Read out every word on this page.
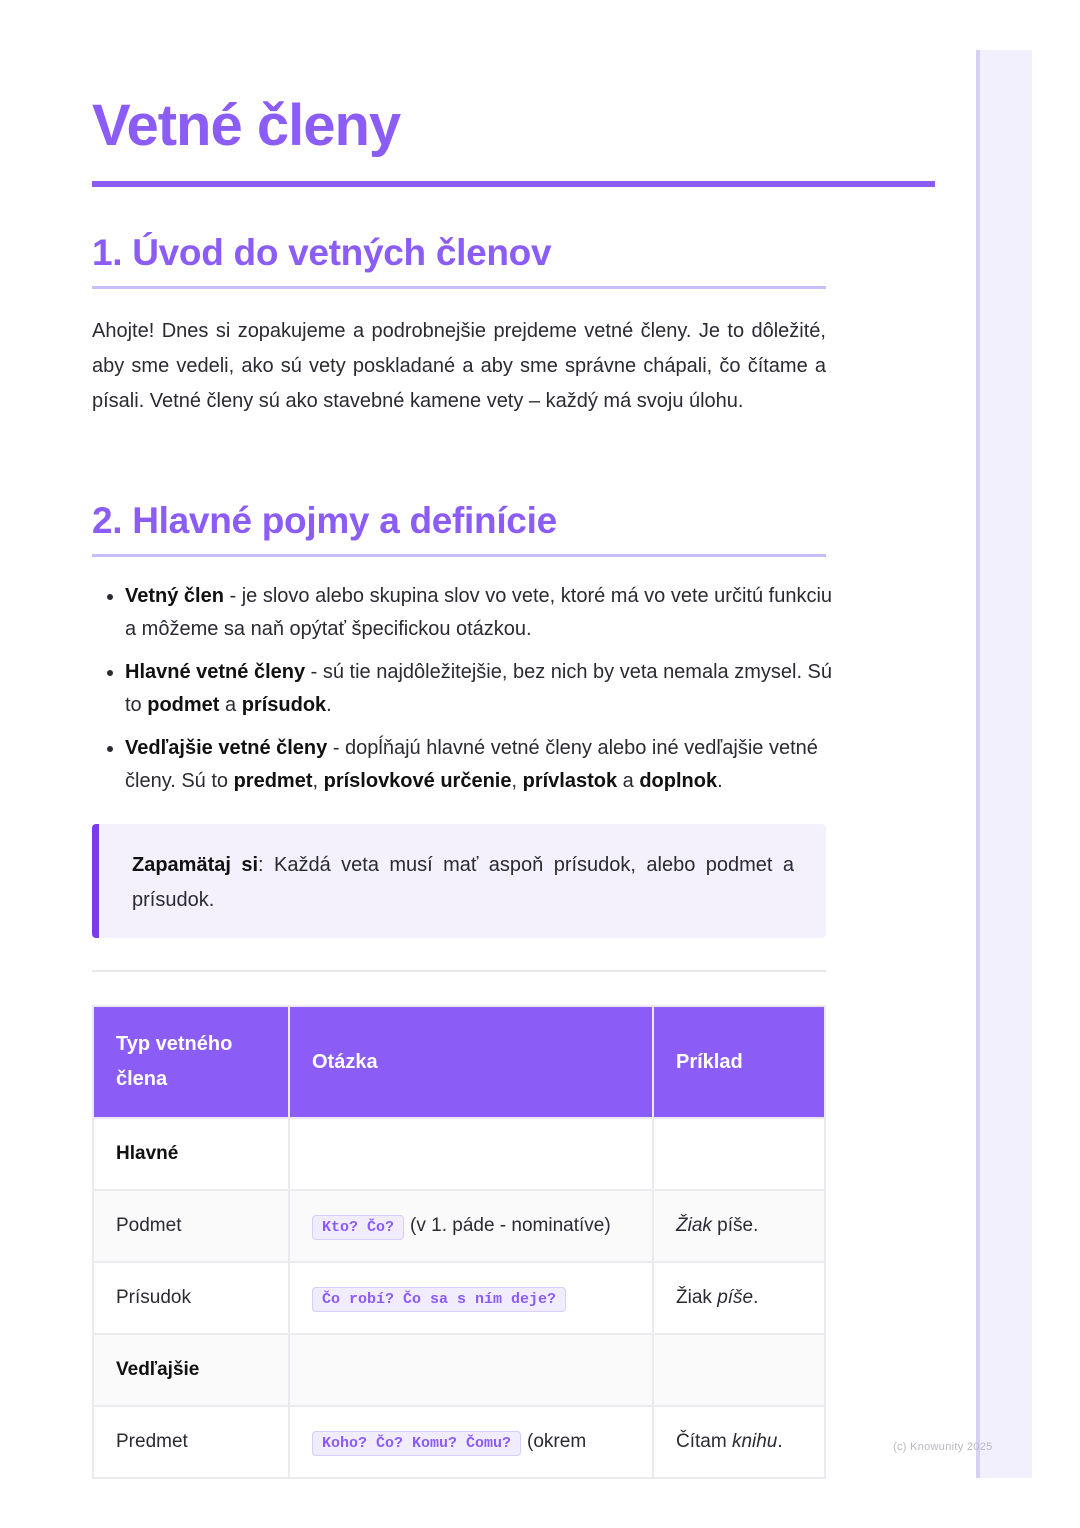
(c) Knowunity 2025
Vetné členy
1. Úvod do vetných členov

Ahojte! Dnes si zopakujeme a podrobnejšie prejdeme vetné členy. Je to dôležité, aby sme vedeli, ako sú vety poskladané a aby sme správne chápali, čo čítame a písali. Vetné členy sú ako stavebné kamene vety – každý má svoju úlohu.

2. Hlavné pojmy a definície
• Vetný člen - je slovo alebo skupina slov vo vete, ktoré má vo vete určitú funkciu a môžeme sa naň opýtať špecifickou otázkou.
• Hlavné vetné členy - sú tie najdôležitejšie, bez nich by veta nemala zmysel. Sú to podmet a prísudok.
• Vedľajšie vetné členy - dopĺňajú hlavné vetné členy alebo iné vedľajšie vetné členy. Sú to predmet, príslovkové určenie, prívlastok a doplnok.
Zapamätaj si: Každá veta musí mať aspoň prísudok, alebo podmet a prísudok.
Typ vetného člena	Otázka	Príklad
Hlavné		
Podmet	Kto? Čo? (v 1. páde - nominatíve)	Žiak píše.
Prísudok	Čo robí? Čo sa s ním deje?	Žiak píše.
Vedľajšie		
Predmet	Koho? Čo? Komu? Čomu? (okrem	Čítam knihu.
